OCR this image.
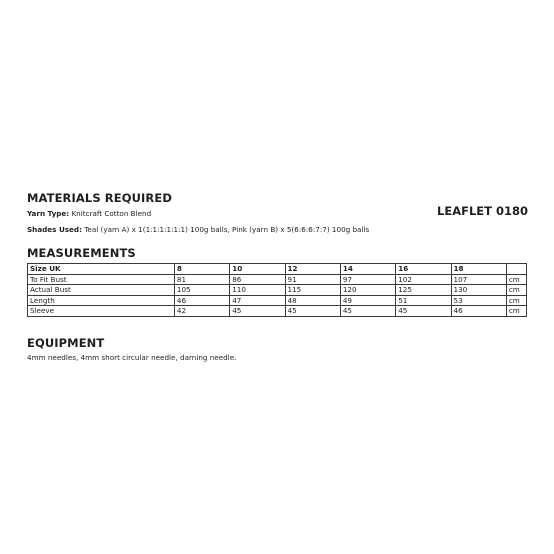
MATERIALS REQUIRED
Yarn Type: Knitcraft Cotton Blend
Shades Used: Teal (yarn A) x 1(1:1:1:1:1:1) 100g balls, Pink (yarn B) x 5(6:6:6:7:7) 100g balls
LEAFLET 0180
MEASUREMENTS
Size UK	8	10	12	14	16	18	
To Fit Bust	81	86	91	97	102	107	cm
Actual Bust	105	110	115	120	125	130	cm
Length	46	47	48	49	51	53	cm
Sleeve	42	45	45	45	45	46	cm
EQUIPMENT
4mm needles, 4mm short circular needle, darning needle.
